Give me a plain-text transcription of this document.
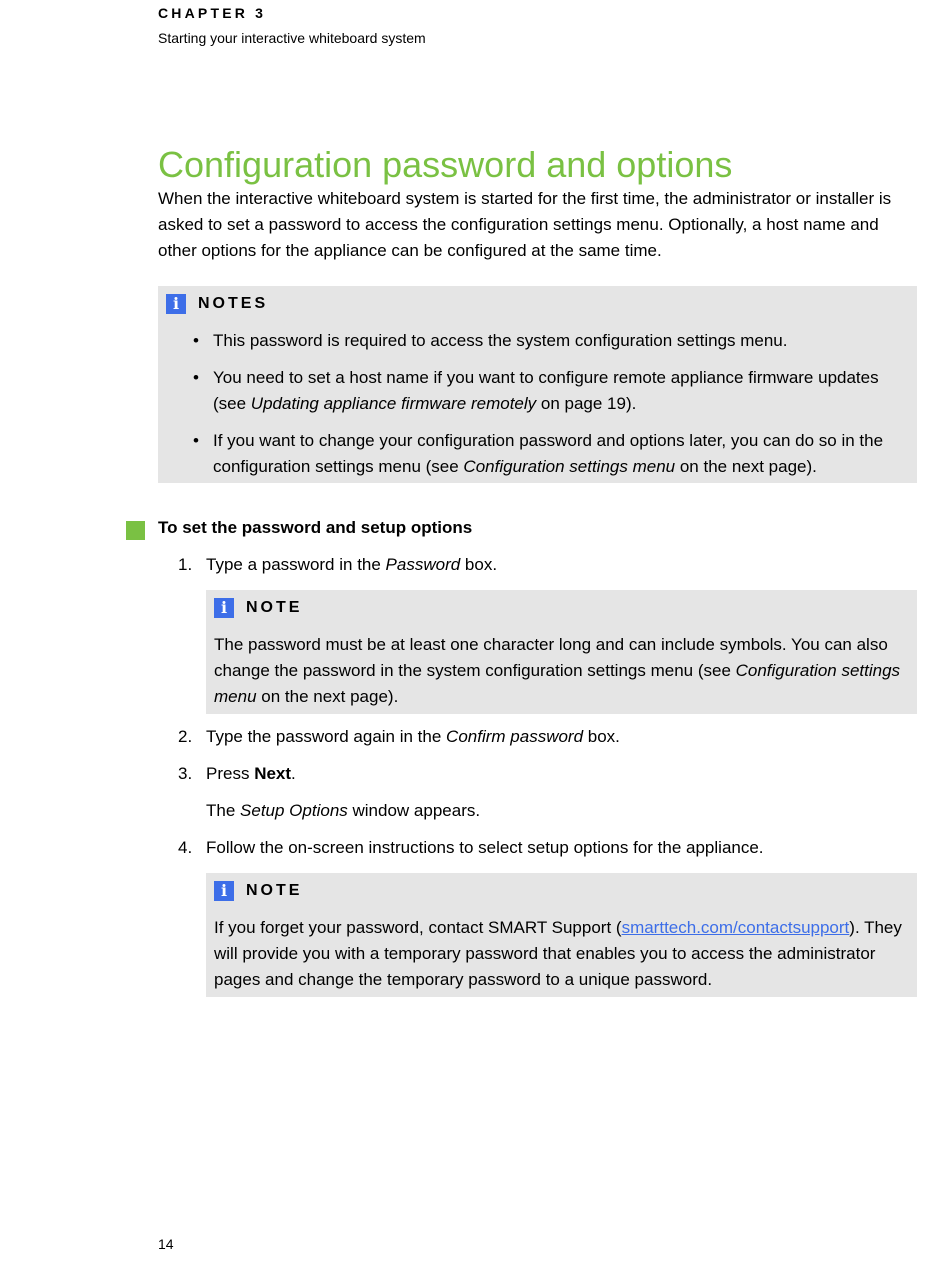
CHAPTER 3
Starting your interactive whiteboard system
Configuration password and options
When the interactive whiteboard system is started for the first time, the administrator or installer is asked to set a password to access the configuration settings menu. Optionally, a host name and other options for the appliance can be configured at the same time.
i	NOTES
• This password is required to access the system configuration settings menu.
• You need to set a host name if you want to configure remote appliance firmware updates (see Updating appliance firmware remotely on page 19).
• If you want to change your configuration password and options later, you can do so in the configuration settings menu (see Configuration settings menu on the next page).
To set the password and setup options
1. Type a password in the Password box.
i	NOTE
The password must be at least one character long and can include symbols. You can also change the password in the system configuration settings menu (see Configuration settings menu on the next page).
2. Type the password again in the Confirm password box.
3. Press Next.
The Setup Options window appears.
4. Follow the on-screen instructions to select setup options for the appliance.
i	NOTE
If you forget your password, contact SMART Support (smarttech.com/contactsupport). They will provide you with a temporary password that enables you to access the administrator pages and change the temporary password to a unique password.
14
